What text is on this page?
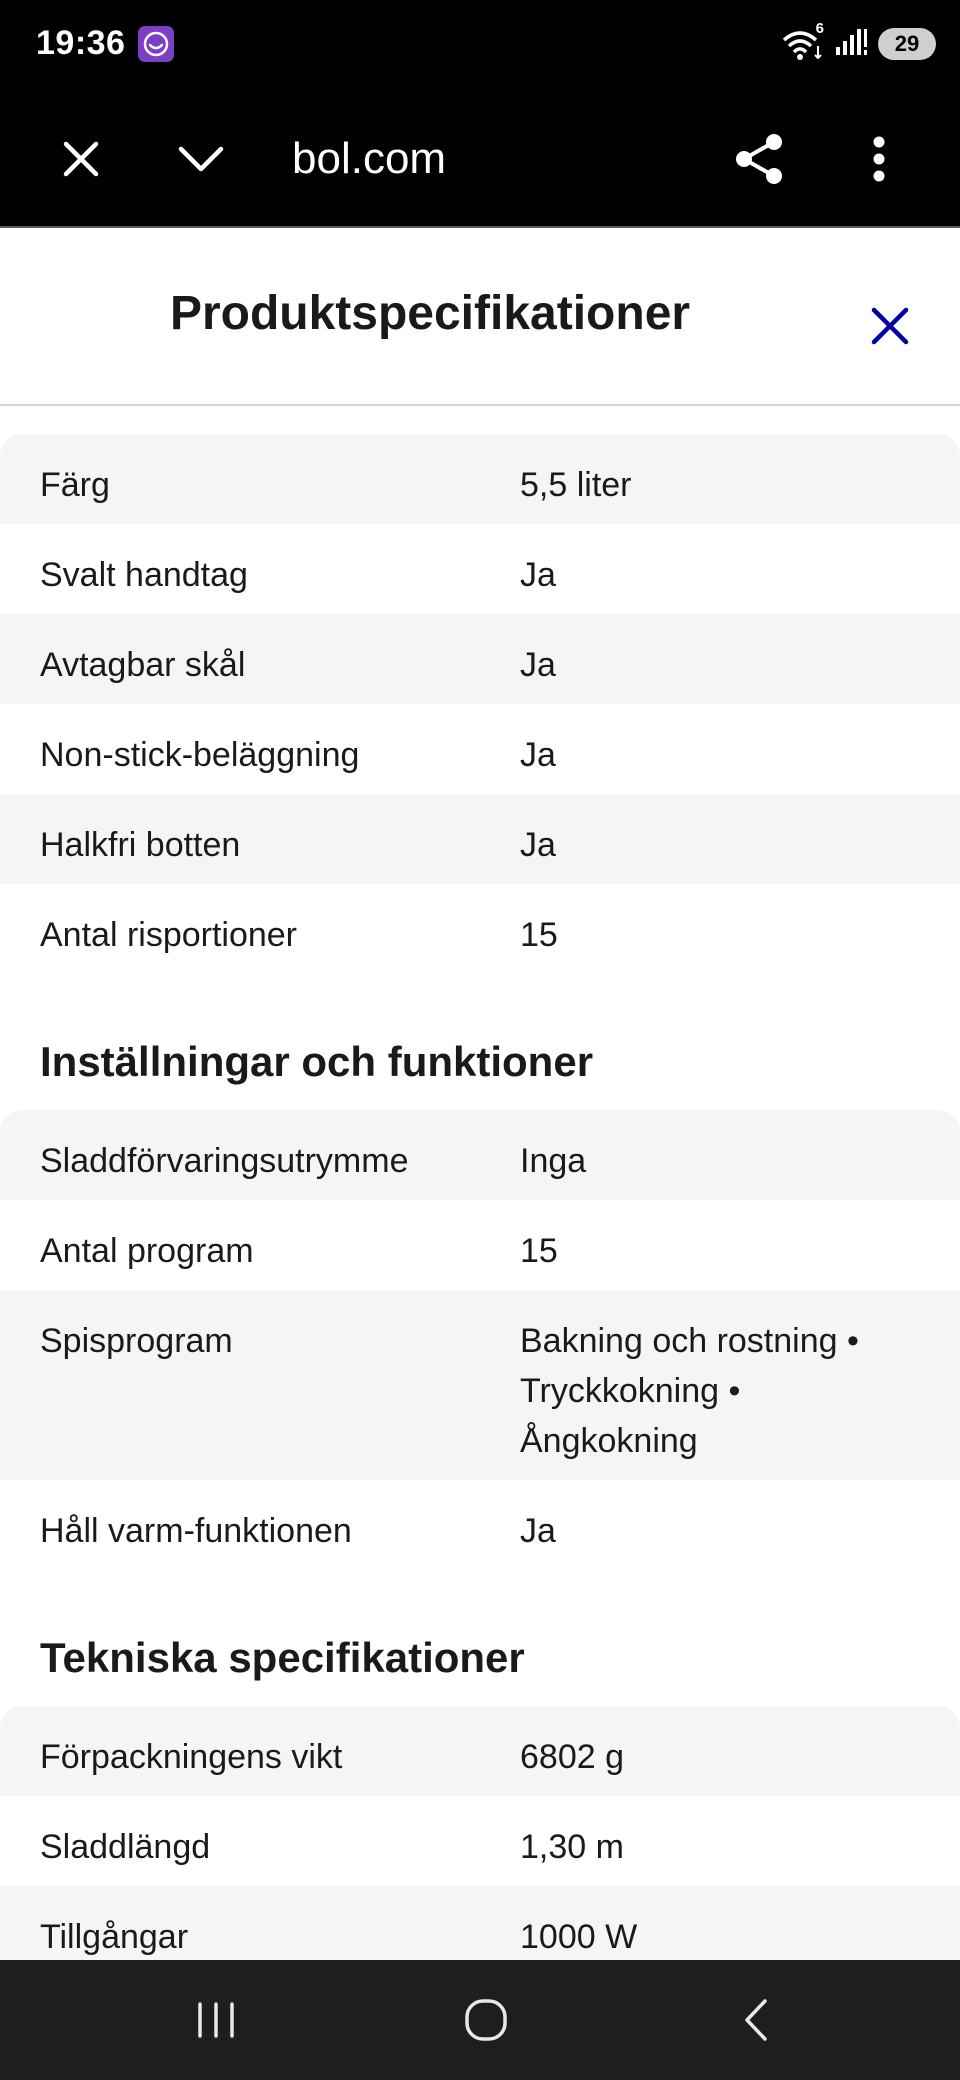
19:36	6
29
bol.com
Produktspecifikationer
Färg	5,5 liter
Svalt handtag	Ja
Avtagbar skål	Ja
Non-stick-beläggning	Ja
Halkfri botten	Ja
Antal risportioner	15
Inställningar och funktioner
Sladdförvaringsutrymme	Inga
Antal program	15
Spisprogram	Bakning och rostning • Tryckkokning • Ångkokning
Håll varm-funktionen	Ja
Tekniska specifikationer
Förpackningens vikt	6802 g
Sladdlängd	1,30 m
Tillgångar	1000 W
